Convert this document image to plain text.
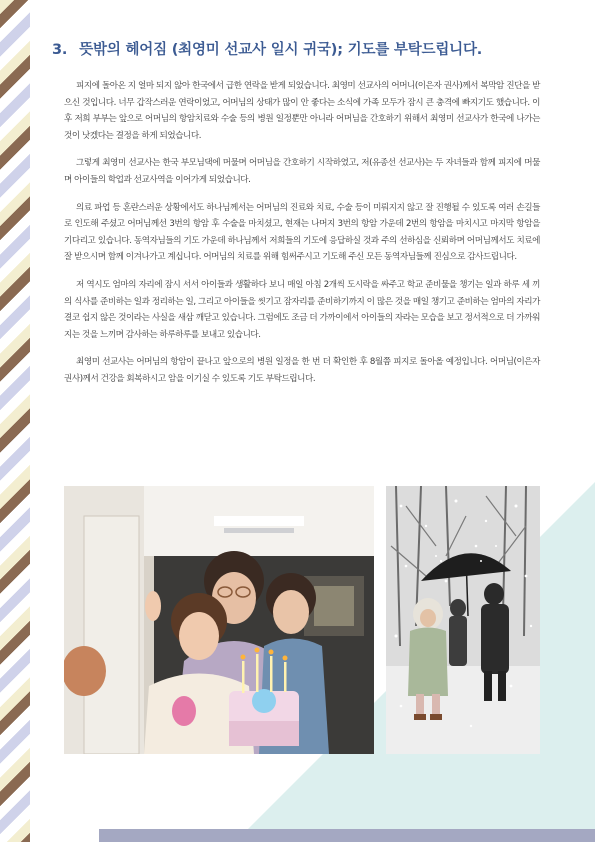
3. 뜻밖의 헤어짐 (최영미 선교사 일시 귀국); 기도를 부탁드립니다.

피지에 돌아온 지 얼마 되지 않아 한국에서 급한 연락을 받게 되었습니다. 최영미 선교사의 어머니(이은자 권사)께서 복막암 진단을 받으신 것입니다. 너무 갑작스러운 연락이었고, 어머님의 상태가 많이 안 좋다는 소식에 가족 모두가 잠시 큰 충격에 빠지기도 했습니다. 이후 저희 부부는 앞으로 어머님의 항암치료와 수술 등의 병원 일정뿐만 아니라 어머님을 간호하기 위해서 최영미 선교사가 한국에 나가는 것이 낫겠다는 결정을 하게 되었습니다.

그렇게 최영미 선교사는 한국 부모님댁에 머물며 어머님을 간호하기 시작하였고, 저(유종선 선교사)는 두 자녀들과 함께 피지에 머물며 아이들의 학업과 선교사역을 이어가게 되었습니다.

의료 파업 등 혼란스러운 상황에서도 하나님께서는 어머님의 진료와 치료, 수술 등이 미뤄지지 않고 잘 진행될 수 있도록 여러 손길들로 인도해 주셨고 어머님께선 3번의 항암 후 수술을 마치셨고, 현재는 나머지 3번의 항암 가운데 2번의 항암을 마치시고 마지막 항암을 기다리고 있습니다. 동역자님들의 기도 가운데 하나님께서 저희들의 기도에 응답하실 것과 주의 선하심을 신뢰하며 어머님께서도 치료에 잘 받으시며 함께 이겨나가고 계십니다. 어머님의 치료를 위해 힘써주시고 기도해 주신 모든 동역자님들께 진심으로 감사드립니다.

저 역시도 엄마의 자리에 잠시 서서 아이들과 생활하다 보니 매일 아침 2개씩 도시락을 싸주고 학교 준비물을 챙기는 일과 하루 세 끼의 식사를 준비하는 일과 정리하는 일, 그리고 아이들을 씻기고 잠자리를 준비하기까지 이 많은 것을 매일 챙기고 준비하는 엄마의 자리가 결코 쉽지 않은 것이라는 사실을 새삼 깨닫고 있습니다. 그럼에도 조금 더 가까이에서 아이들의 자라는 모습을 보고 정서적으로 더 가까워지는 것을 느끼며 감사하는 하루하루를 보내고 있습니다.

최영미 선교사는 어머님의 항암이 끝나고 앞으로의 병원 일정을 한 번 더 확인한 후 8월쯤 피지로 돌아올 예정입니다. 어머님(이은자 권사)께서 건강을 회복하시고 암을 이기실 수 있도록 기도 부탁드립니다.
